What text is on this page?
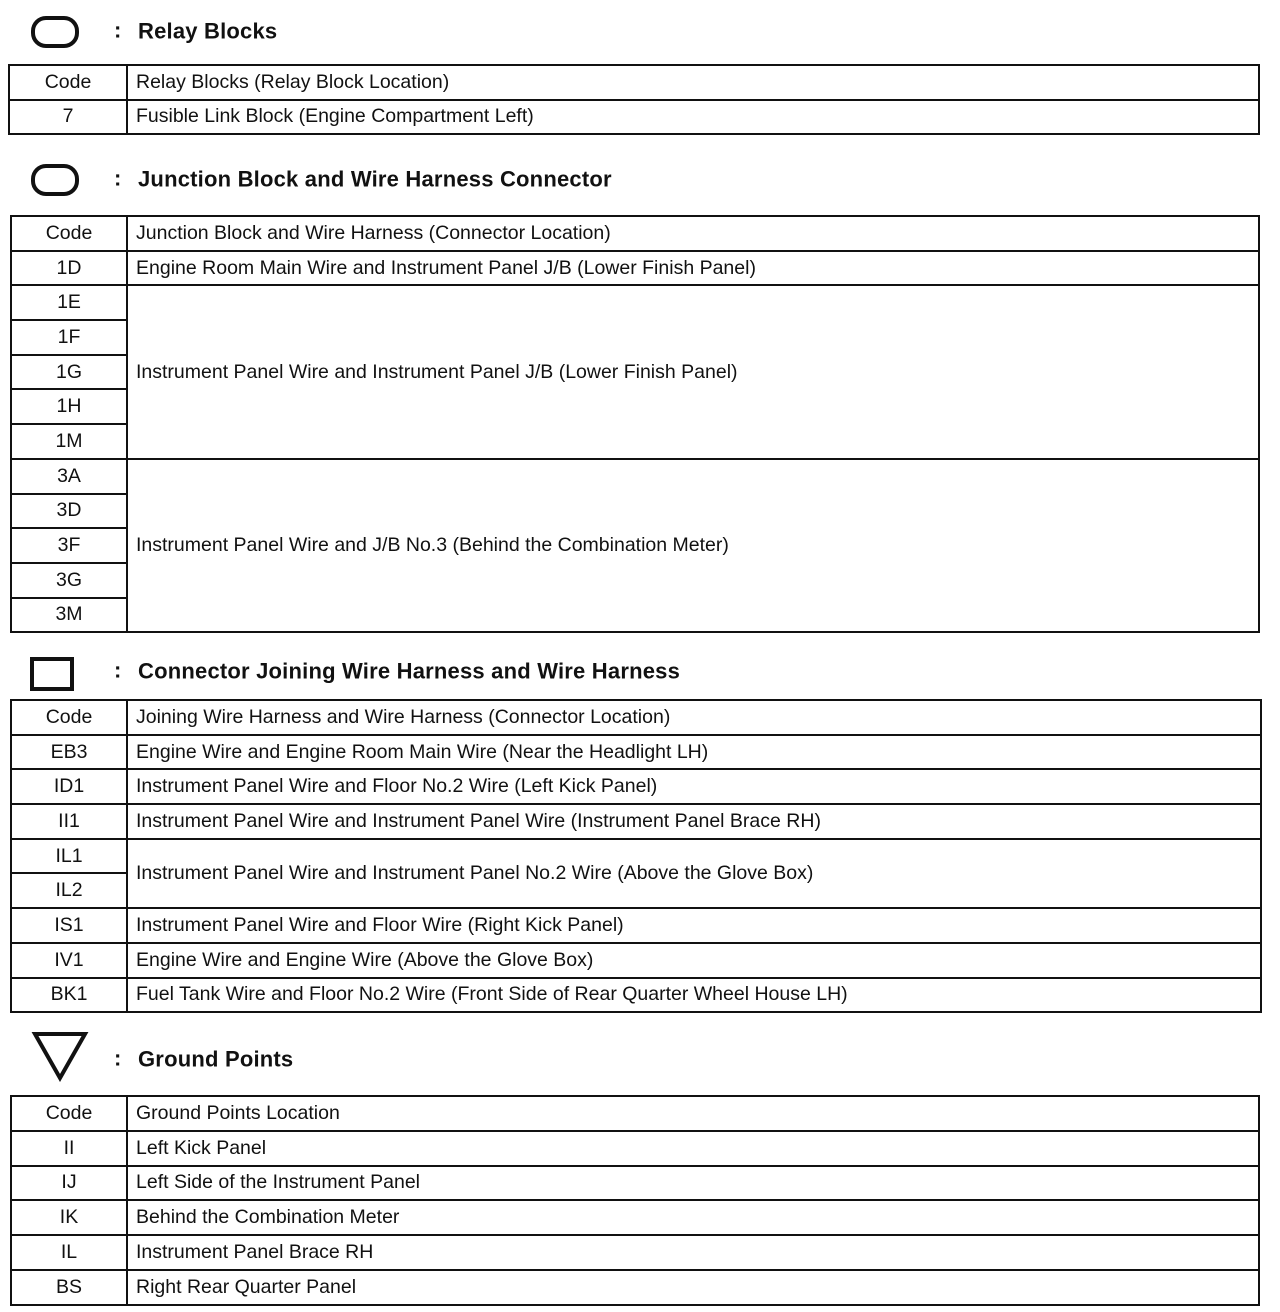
: Relay Blocks
Code	Relay Blocks (Relay Block Location)
7	Fusible Link Block (Engine Compartment Left)
: Junction Block and Wire Harness Connector
Code	Junction Block and Wire Harness (Connector Location)
1D	Engine Room Main Wire and Instrument Panel J/B (Lower Finish Panel)
1E	Instrument Panel Wire and Instrument Panel J/B (Lower Finish Panel)
1F	
1G	
1H	
1M	
3A	Instrument Panel Wire and J/B No.3 (Behind the Combination Meter)
3D	
3F	
3G	
3M	
: Connector Joining Wire Harness and Wire Harness
Code	Joining Wire Harness and Wire Harness (Connector Location)
EB3	Engine Wire and Engine Room Main Wire (Near the Headlight LH)
ID1	Instrument Panel Wire and Floor No.2 Wire (Left Kick Panel)
II1	Instrument Panel Wire and Instrument Panel Wire (Instrument Panel Brace RH)
IL1	Instrument Panel Wire and Instrument Panel No.2 Wire (Above the Glove Box)
IL2	
IS1	Instrument Panel Wire and Floor Wire (Right Kick Panel)
IV1	Engine Wire and Engine Wire (Above the Glove Box)
BK1	Fuel Tank Wire and Floor No.2 Wire (Front Side of Rear Quarter Wheel House LH)
: Ground Points
Code	Ground Points Location
II	Left Kick Panel
IJ	Left Side of the Instrument Panel
IK	Behind the Combination Meter
IL	Instrument Panel Brace RH
BS	Right Rear Quarter Panel
